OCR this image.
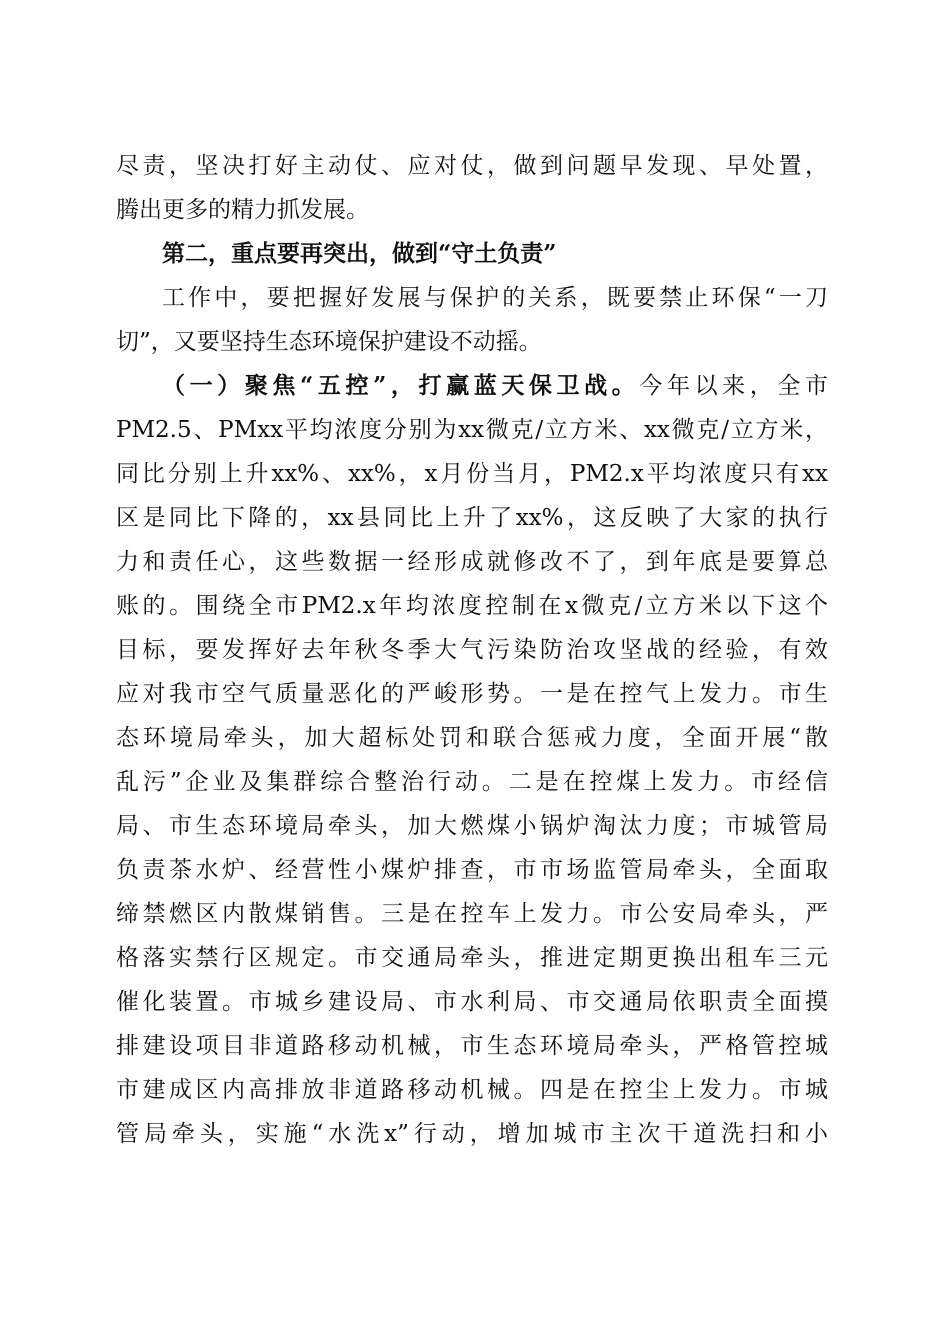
尽责，坚决打好主动仗、应对仗，做到问题早发现、早处置，
腾出更多的精力抓发展。
第二，重点要再突出，做到“守土负责”
工作中，要把握好发展与保护的关系，既要禁止环保“一刀
切”，又要坚持生态环境保护建设不动摇。
（一）聚焦“五控”，打赢蓝天保卫战。今年以来，全市
PM2.5、PMxx平均浓度分别为xx微克/立方米、xx微克/立方米，
同比分别上升xx%、xx%，x月份当月，PM2.x平均浓度只有xx
区是同比下降的，xx县同比上升了xx%，这反映了大家的执行
力和责任心，这些数据一经形成就修改不了，到年底是要算总
账的。围绕全市PM2.x年均浓度控制在x微克/立方米以下这个
目标，要发挥好去年秋冬季大气污染防治攻坚战的经验，有效
应对我市空气质量恶化的严峻形势。一是在控气上发力。市生
态环境局牵头，加大超标处罚和联合惩戒力度，全面开展“散
乱污”企业及集群综合整治行动。二是在控煤上发力。市经信
局、市生态环境局牵头，加大燃煤小锅炉淘汰力度；市城管局
负责茶水炉、经营性小煤炉排查，市市场监管局牵头，全面取
缔禁燃区内散煤销售。三是在控车上发力。市公安局牵头，严
格落实禁行区规定。市交通局牵头，推进定期更换出租车三元
催化装置。市城乡建设局、市水利局、市交通局依职责全面摸
排建设项目非道路移动机械，市生态环境局牵头，严格管控城
市建成区内高排放非道路移动机械。四是在控尘上发力。市城
管局牵头，实施“水洗x”行动，增加城市主次干道洗扫和小
